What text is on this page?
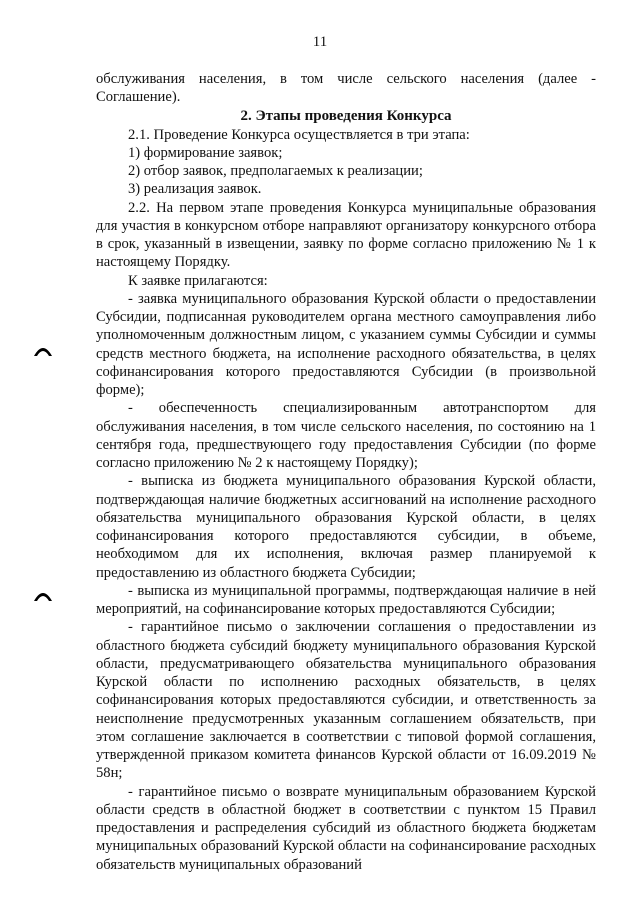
11

обслуживания населения, в том числе сельского населения (далее - Соглашение).

2. Этапы проведения Конкурса

2.1. Проведение Конкурса осуществляется в три этапа:

1) формирование заявок;

2) отбор заявок, предполагаемых к реализации;

3) реализация заявок.

2.2. На первом этапе проведения Конкурса муниципальные образования для участия в конкурсном отборе направляют организатору конкурсного отбора в срок, указанный в извещении, заявку по форме согласно приложению № 1 к настоящему Порядку.

К заявке прилагаются:

- заявка муниципального образования Курской области о предоставлении Субсидии, подписанная руководителем органа местного самоуправления либо уполномоченным должностным лицом, с указанием суммы Субсидии и суммы средств местного бюджета, на исполнение расходного обязательства, в целях софинансирования которого предоставляются Субсидии (в произвольной форме);

- обеспеченность специализированным автотранспортом для обслуживания населения, в том числе сельского населения, по состоянию на 1 сентября года, предшествующего году предоставления Субсидии (по форме согласно приложению № 2 к настоящему Порядку);

- выписка из бюджета муниципального образования Курской области, подтверждающая наличие бюджетных ассигнований на исполнение расходного обязательства муниципального образования Курской области, в целях софинансирования которого предоставляются субсидии, в объеме, необходимом для их исполнения, включая размер планируемой к предоставлению из областного бюджета Субсидии;

- выписка из муниципальной программы, подтверждающая наличие в ней мероприятий, на софинансирование которых предоставляются Субсидии;

- гарантийное письмо о заключении соглашения о предоставлении из областного бюджета субсидий бюджету муниципального образования Курской области, предусматривающего обязательства муниципального образования Курской области по исполнению расходных обязательств, в целях софинансирования которых предоставляются субсидии, и ответственность за неисполнение предусмотренных указанным соглашением обязательств, при этом соглашение заключается в соответствии с типовой формой соглашения, утвержденной приказом комитета финансов Курской области от 16.09.2019 № 58н;

- гарантийное письмо о возврате муниципальным образованием Курской области средств в областной бюджет в соответствии с пунктом 15 Правил предоставления и распределения субсидий из областного бюджета бюджетам муниципальных образований Курской области на софинансирование расходных обязательств муниципальных образований
